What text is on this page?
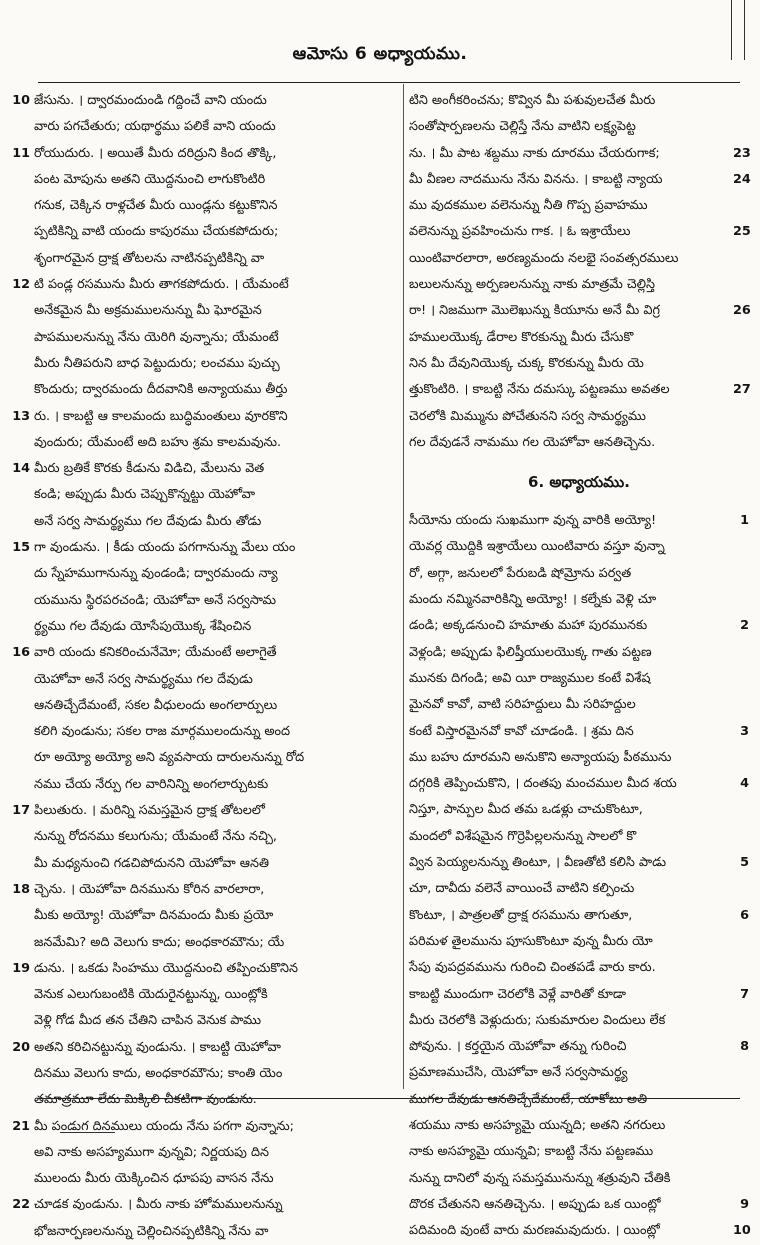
ఆమోసు 6 అధ్యాయము.
10 జేసును. । ద్వారమందుండి గద్దించే వాని యందు
వారు పగచేతురు; యథార్థము పలికే వాని యందు
11 రోయుదురు. । అయితే మీరు దరిద్రుని కింద తొక్కి,
పంట మోపును అతని యొద్దనుంచి లాగుకొంటిరి
గనుక, చెక్కిన రాళ్లచేత మీరు యిండ్లను కట్టుకొనిన
ప్పటికిన్ని వాటి యందు కాపురము చేయకపోదురు;
శృంగారమైన ద్రాక్ష తోటలను నాటినప్పటికిన్ని వా
12 టి పండ్ల రసమును మీరు తాగకపోదురు. । యేమంటే
అనేకమైన మీ అక్రమములనున్ను మీ ఘోరమైన
పాపములనున్ను నేను యెరిగి వున్నాను; యేమంటే
మీరు నీతిపరుని బాధ పెట్టుదురు; లంచము పుచ్చు
కొందురు; ద్వారమందు దీదవానికి అన్యాయము తీర్తు
13 రు. । కాబట్టి ఆ కాలమందు బుద్ధిమంతులు వూరకొని
వుందురు; యేమంటే అది బహు శ్రమ కాలమవును.
14 మీరు బ్రతికే కొరకు కీడును విడిచి, మేలును వెత
కండి; అప్పుడు మీరు చెప్పుకొన్నట్టు యెహోవా
అనే సర్వ సామర్థ్యము గల దేవుడు మీరు తోడు
15 గా వుండును. । కీడు యందు పగగానున్ను మేలు యం
దు స్నేహముగానున్ను వుండండి; ద్వారమందు న్యా
యమును స్థిరపరచండి; యెహోవా అనే సర్వసామ
ర్థ్యము గల దేవుడు యోసేపుయొక్క శేషించిన
16 వారి యందు కనికరించునేమో; యేమంటే అలాగైతే
యెహోవా అనే సర్వ సామర్థ్యము గల దేవుడు
ఆనతిచ్చేదేమంటే, సకల వీధులందు అంగలార్పులు
కలిగి వుండును; సకల రాజ మార్గములందున్ను అంద
రూ అయ్యో అయ్యో అని వ్యవసాయ దారులనున్ను రోద
నము చేయ నేర్పు గల వారినిన్ని అంగలార్చుటకు
17 పిలుతురు. । మరిన్ని సమస్తమైన ద్రాక్ష తోటలలో
నున్ను రోదనము కలుగును; యేమంటే నేను నచ్చి,
మీ మధ్యనుంచి గడచిపోదునని యెహోవా ఆనతి
18 చ్చెను. । యెహోవా దినమును కోరిన వారలారా,
మీకు అయ్యో! యెహోవా దినమందు మీకు ప్రయో
జనమేమి? అది వెలుగు కాదు; అంధకారమౌను; యే
19 డును. । ఒకడు సింహము యొద్దనుంచి తప్పించుకొనిన
వెనుక ఎలుగుబంటికి యెదురైనట్టున్ను, యింట్లోకి
వెళ్లి గోడ మీద తన చేతిని చాపిన వెనుక పాము
20 అతని కరిచినట్టున్ను వుండును. । కాబట్టి యెహోవా
దినము వెలుగు కాదు, అంధకారమౌను; కాంతి యెం
తమాత్రమూ లేదు మిక్కిలి చీకటిగా వుండును.
21 మీ పండుగ దినములు యందు నేను పగగా వున్నాను;
అవి నాకు అసహ్యముగా వున్నవి; నిర్ణయపు దిన
ములందు మీరు యెక్కించిన ధూపపు వాసన నేను
22 చూడక వుండును. । మీరు నాకు హోమములనున్ను
భోజనార్పణలనున్ను చెల్లించినప్పటికిన్ని నేను వా
టిని అంగీకరించను; కొవ్విన మీ పశువులచేత మీరు
సంతోషార్పణలను చెల్లిస్తే నేను వాటిని లక్ష్యపెట్ట
23
ను. । మీ పాట శబ్దము నాకు దూరము చేయరుగాక;
24
మీ వీణల నాదమును నేను వినను. । కాబట్టి న్యాయ
ము వుదకముల వలెనున్ను నీతి గొప్ప ప్రవాహము
25
వలెనున్ను ప్రవహించును గాక. । ఓ ఇశ్రాయేలు
యింటివారలారా, అరణ్యమందు నలభై సంవత్సరములు
బలులనున్ను అర్పణలనున్ను నాకు మాత్రమే చెల్లిస్తి
26
రా! । నిజముగా మొలెఖున్ను కియూను అనే మీ విగ్ర
హములయొక్క డేరాల కొరకున్ను మీరు చేసుకొ
నిన మీ దేవునియొక్క చుక్క కొరకున్ను మీరు యె
27
త్తుకొంటిరి. । కాబట్టి నేను దమస్కు పట్టణము అవతల
చెరలోకి మిమ్మును పోచేతునని సర్వ సామర్థ్యము
గల దేవుడనే నామము గల యెహోవా ఆనతిచ్చెను.
6. అధ్యాయము.
1
సీయోను యందు సుఖముగా వున్న వారికి అయ్యో!
యెవర్ల యొద్దికి ఇశ్రాయేలు యింటివారు వస్తూ వున్నా
రో, అగ్గా, జనులలో పేరుబడి షోమ్రోను పర్వత
మందు నమ్మినవారికిన్ని అయ్యో! । కల్నేకు వెళ్లి చూ
2
డండి; అక్కడనుంచి హమాతు మహా పురమునకు
వెళ్లండి; అప్పుడు ఫిలిష్తీయులయొక్క గాతు పట్టణ
మునకు దిగండి; అవి యీ రాజ్యముల కంటే విశేష
మైనవో కావో, వాటి సరిహద్దులు మీ సరిహద్దుల
3
కంటే విస్తారమైనవో కావో చూడండి. । శ్రమ దిన
ము బహు దూరమని అనుకొని అన్యాయపు పీఠమును
4
దగ్గరికి తెప్పించుకొని, । దంతపు మంచముల మీద శయ
నిస్తూ, పాన్పుల మీద తమ ఒడళ్లు చాచుకొంటూ,
మందలో విశేషమైన గొర్రెపిల్లలనున్ను సాలలో కొ
5
వ్విన పెయ్యలనున్ను తింటూ, । వీణతోటి కలిసి పాడు
చూ, దావీదు వలెనే వాయించే వాటిని కల్పించు
6
కొంటూ, । పాత్రలతో ద్రాక్ష రసమును తాగుతూ,
పరిమళ తైలమును పూసుకొంటూ వున్న మీరు యో
సేపు వుపద్రవమును గురించి చింతపడే వారు కారు.
7
కాబట్టి ముందుగా చెరలోకి వెళ్లే వారితో కూడా
మీరు చెరలోకి వెళ్లుదురు; సుకుమారుల విందులు లేక
8
పోవును. । కర్తయైన యెహోవా తన్ను గురించి
ప్రమాణముచేసి, యెహోవా అనే సర్వసామర్థ్య
ముగల దేవుడు ఆనతిచ్చేదేమంటే, యాకోబు అతి
శయము నాకు అసహ్యమై యున్నది; అతని నగరులు
నాకు అసహ్యమై యున్నవి; కాబట్టి నేను పట్టణము
నున్ను దానిలో వున్న సమస్తమునున్ను శత్రువుని చేతికి
9
దొరక చేతునని ఆనతిచ్చెను. । అప్పుడు ఒక యింట్లో
10
పదిమంది వుంటే వారు మరణమవుదురు. । యింట్లో
